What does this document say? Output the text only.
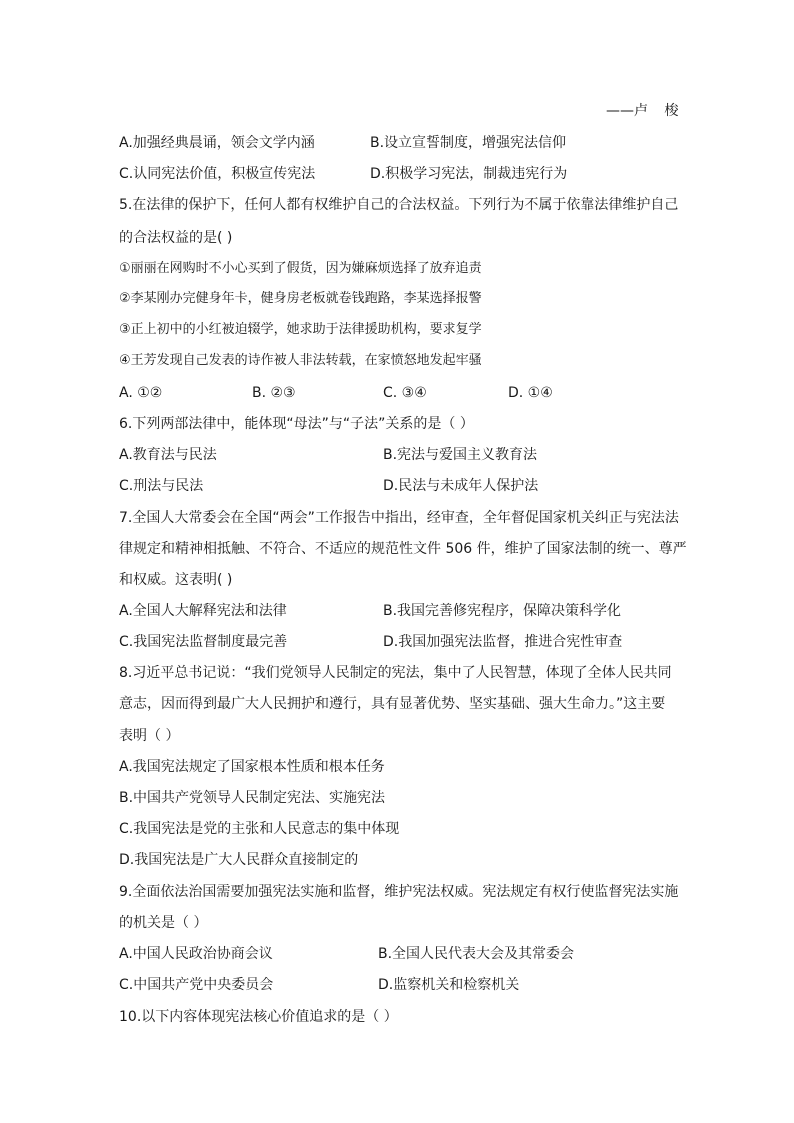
——卢 梭
A.加强经典晨诵，领会文学内涵	B.设立宣誓制度，增强宪法信仰
C.认同宪法价值，积极宣传宪法	D.积极学习宪法，制裁违宪行为
5.在法律的保护下，任何人都有权维护自己的合法权益。下列行为不属于依靠法律维护自己
的合法权益的是( )
①丽丽在网购时不小心买到了假货，因为嫌麻烦选择了放弃追责
②李某刚办完健身年卡，健身房老板就卷钱跑路，李某选择报警
③正上初中的小红被迫辍学，她求助于法律援助机构，要求复学
④王芳发现自己发表的诗作被人非法转载，在家愤怒地发起牢骚
A. ①②	B. ②③	C. ③④	D. ①④
6.下列两部法律中，能体现“母法”与“子法”关系的是（ ）
A.教育法与民法	B.宪法与爱国主义教育法
C.刑法与民法	D.民法与未成年人保护法
7.全国人大常委会在全国“两会”工作报告中指出，经审查，全年督促国家机关纠正与宪法法
律规定和精神相抵触、不符合、不适应的规范性文件 506 件，维护了国家法制的统一、尊严
和权威。这表明( )
A.全国人大解释宪法和法律	B.我国完善修宪程序，保障决策科学化
C.我国宪法监督制度最完善	D.我国加强宪法监督，推进合宪性审查
8.习近平总书记说：“我们党领导人民制定的宪法，集中了人民智慧，体现了全体人民共同
意志，因而得到最广大人民拥护和遵行，具有显著优势、坚实基础、强大生命力。”这主要
表明（ ）
A.我国宪法规定了国家根本性质和根本任务
B.中国共产党领导人民制定宪法、实施宪法
C.我国宪法是党的主张和人民意志的集中体现
D.我国宪法是广大人民群众直接制定的
9.全面依法治国需要加强宪法实施和监督，维护宪法权威。宪法规定有权行使监督宪法实施
的机关是（ ）
A.中国人民政治协商会议	B.全国人民代表大会及其常委会
C.中国共产党中央委员会	D.监察机关和检察机关
10.以下内容体现宪法核心价值追求的是（ ）
